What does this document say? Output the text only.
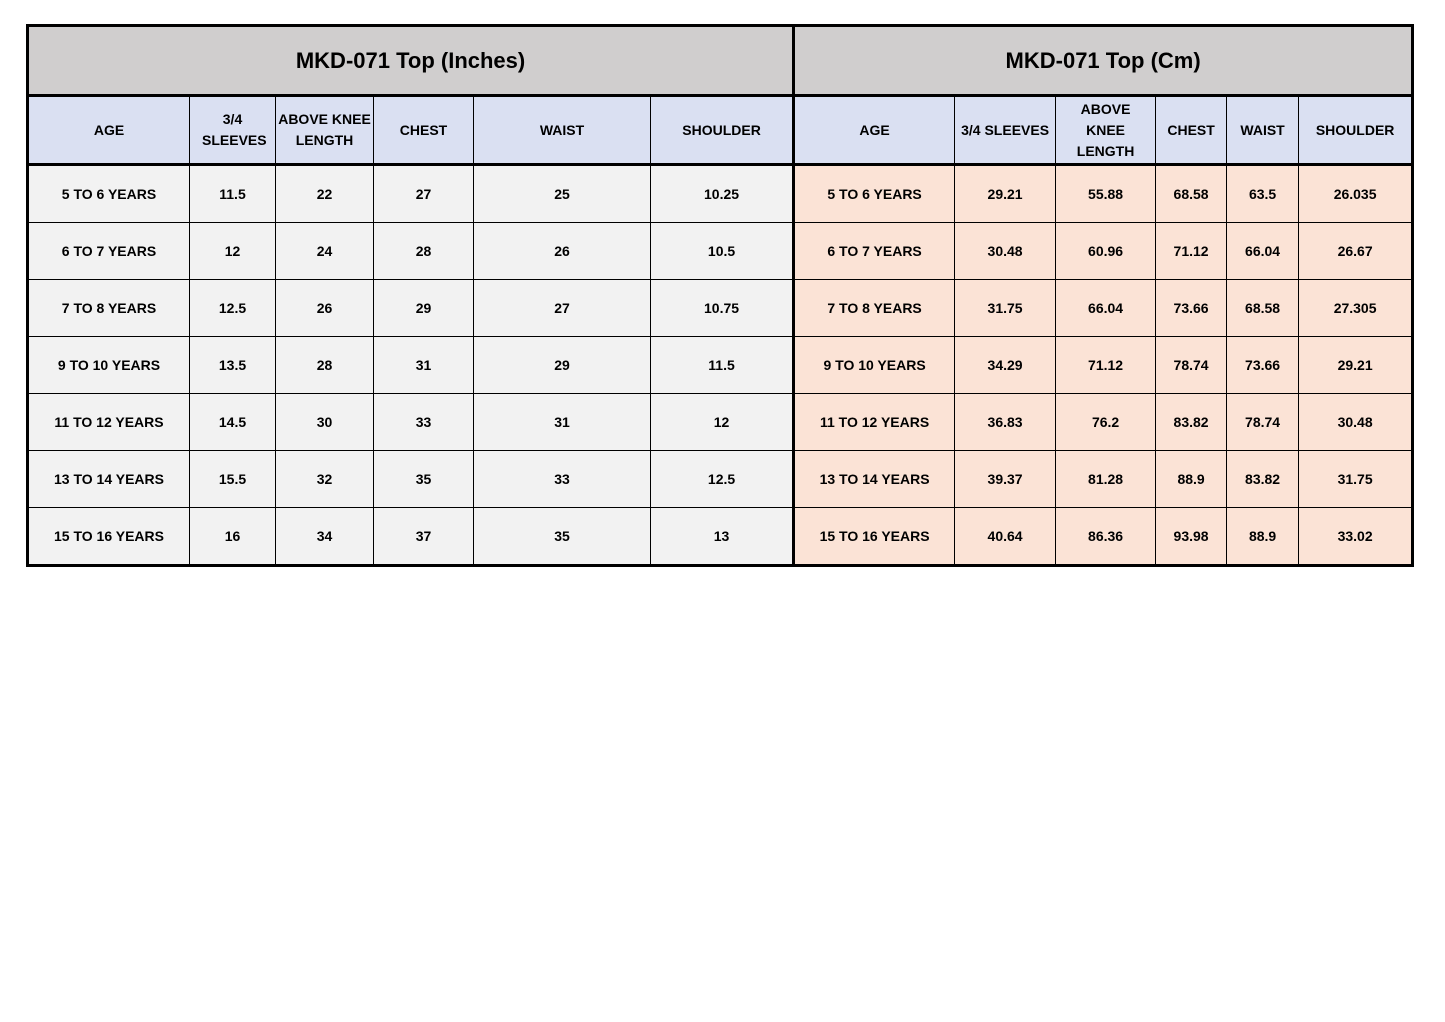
MKD-071 Top (Inches)						MKD-071 Top (Cm)					
AGE	3/4 SLEEVES	ABOVE KNEE LENGTH	CHEST	WAIST	SHOULDER	AGE	3/4 SLEEVES	ABOVE KNEE LENGTH	CHEST	WAIST	SHOULDER
5 TO 6 YEARS	11.5	22	27	25	10.25	5 TO 6 YEARS	29.21	55.88	68.58	63.5	26.035
6 TO 7 YEARS	12	24	28	26	10.5	6 TO 7 YEARS	30.48	60.96	71.12	66.04	26.67
7 TO 8 YEARS	12.5	26	29	27	10.75	7 TO 8 YEARS	31.75	66.04	73.66	68.58	27.305
9 TO 10 YEARS	13.5	28	31	29	11.5	9 TO 10 YEARS	34.29	71.12	78.74	73.66	29.21
11 TO 12 YEARS	14.5	30	33	31	12	11 TO 12 YEARS	36.83	76.2	83.82	78.74	30.48
13 TO 14 YEARS	15.5	32	35	33	12.5	13 TO 14 YEARS	39.37	81.28	88.9	83.82	31.75
15 TO 16 YEARS	16	34	37	35	13	15 TO 16 YEARS	40.64	86.36	93.98	88.9	33.02
